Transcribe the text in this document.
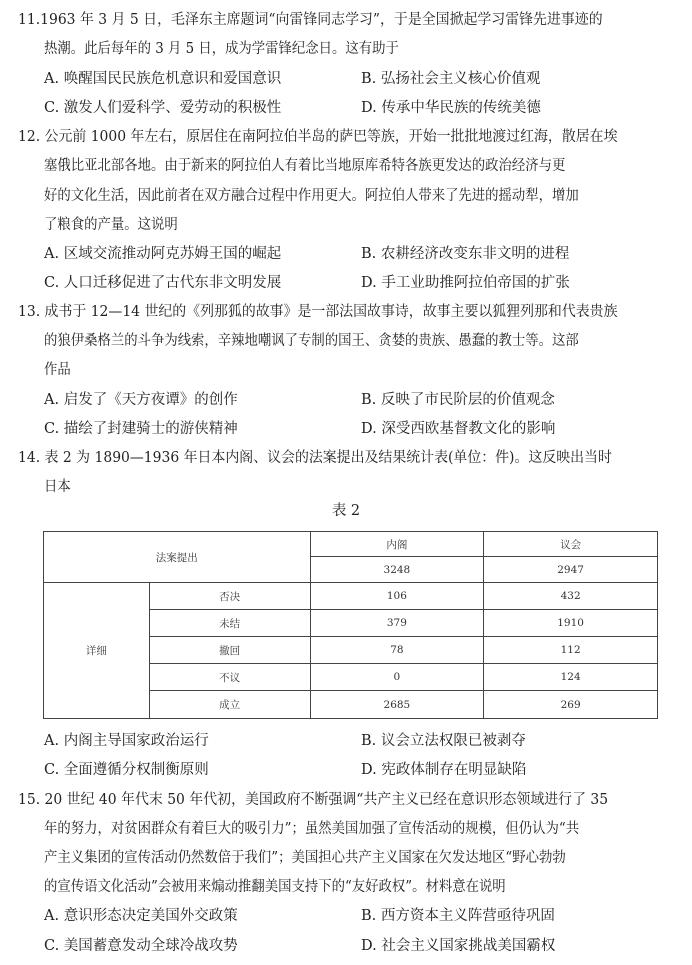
11.1963 年 3 月 5 日，毛泽东主席题词“向雷锋同志学习”，于是全国掀起学习雷锋先进事迹的
热潮。此后每年的 3 月 5 日，成为学雷锋纪念日。这有助于
A. 唤醒国民民族危机意识和爱国意识	B. 弘扬社会主义核心价值观
C. 激发人们爱科学、爱劳动的积极性	D. 传承中华民族的传统美德
12. 公元前 1000 年左右，原居住在南阿拉伯半岛的萨巴等族，开始一批批地渡过红海，散居在埃
塞俄比亚北部各地。由于新来的阿拉伯人有着比当地原库希特各族更发达的政治经济与更
好的文化生活，因此前者在双方融合过程中作用更大。阿拉伯人带来了先进的摇动犁，增加
了粮食的产量。这说明
A. 区域交流推动阿克苏姆王国的崛起	B. 农耕经济改变东非文明的进程
C. 人口迁移促进了古代东非文明发展	D. 手工业助推阿拉伯帝国的扩张
13. 成书于 12—14 世纪的《列那狐的故事》是一部法国故事诗，故事主要以狐狸列那和代表贵族
的狼伊桑格兰的斗争为线索，辛辣地嘲讽了专制的国王、贪婪的贵族、愚蠢的教士等。这部
作品
A. 启发了《天方夜谭》的创作	B. 反映了市民阶层的价值观念
C. 描绘了封建骑士的游侠精神	D. 深受西欧基督教文化的影响
14. 表 2 为 1890—1936 年日本内阁、议会的法案提出及结果统计表(单位：件)。这反映出当时
日本
表 2
法案提出		内阁	议会
		3248	2947
详细	否决	106	432
	未结	379	1910
	撤回	78	112
	不议	0	124
	成立	2685	269
A. 内阁主导国家政治运行	B. 议会立法权限已被剥夺
C. 全面遵循分权制衡原则	D. 宪政体制存在明显缺陷
15. 20 世纪 40 年代末 50 年代初，美国政府不断强调“共产主义已经在意识形态领域进行了 35
年的努力，对贫困群众有着巨大的吸引力”；虽然美国加强了宣传活动的规模，但仍认为“共
产主义集团的宣传活动仍然数倍于我们”；美国担心共产主义国家在欠发达地区“野心勃勃
的宣传语文化活动”会被用来煽动推翻美国支持下的“友好政权”。材料意在说明
A. 意识形态决定美国外交政策	B. 西方资本主义阵营亟待巩固
C. 美国蓄意发动全球冷战攻势	D. 社会主义国家挑战美国霸权
